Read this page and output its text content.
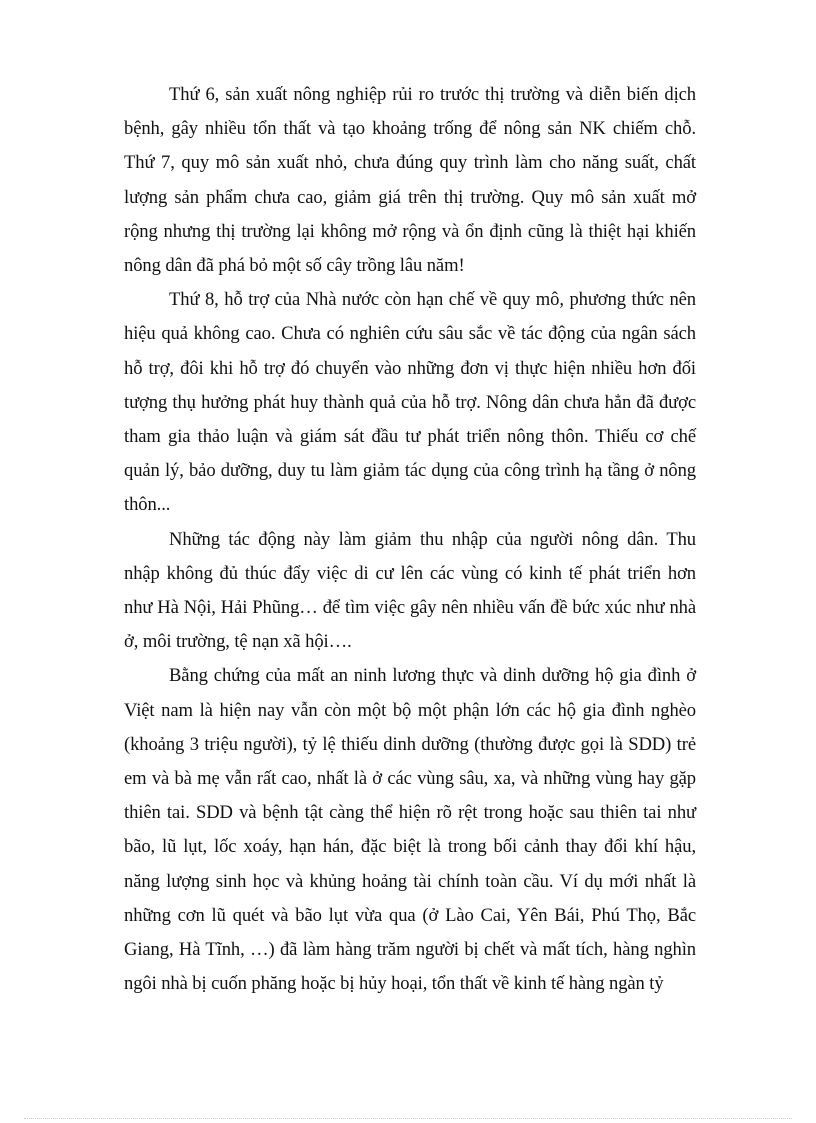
Thứ 6, sản xuất nông nghiệp rủi ro trước thị trường và diễn biến dịch
bệnh, gây nhiều tổn thất và tạo khoảng trống để nông sản NK chiếm chỗ.
Thứ 7, quy mô sản xuất nhỏ, chưa đúng quy trình làm cho năng suất, chất
lượng sản phẩm chưa cao, giảm giá trên thị trường. Quy mô sản xuất mở
rộng nhưng thị trường lại không mở rộng và ổn định cũng là thiệt hại khiến
nông dân đã phá bỏ một số cây trồng lâu năm!

Thứ 8, hỗ trợ của Nhà nước còn hạn chế về quy mô, phương thức nên
hiệu quả không cao. Chưa có nghiên cứu sâu sắc về tác động của ngân sách
hỗ trợ, đôi khi hỗ trợ đó chuyển vào những đơn vị thực hiện nhiều hơn đối
tượng thụ hưởng phát huy thành quả của hỗ trợ. Nông dân chưa hẳn đã được
tham gia thảo luận và giám sát đầu tư phát triển nông thôn. Thiếu cơ chế
quản lý, bảo dưỡng, duy tu làm giảm tác dụng của công trình hạ tầng ở nông
thôn...

Những tác động này làm giảm thu nhập của người nông dân. Thu
nhập không đủ thúc đẩy việc di cư lên các vùng có kinh tế phát triển hơn
như Hà Nội, Hải Phũng… để tìm việc gây nên nhiều vấn đề bức xúc như nhà
ở, môi trường, tệ nạn xã hội….

Bằng chứng của mất an ninh lương thực và dinh dưỡng hộ gia đình ở
Việt nam là hiện nay vẫn còn một bộ một phận lớn các hộ gia đình nghèo
(khoảng 3 triệu người), tỷ lệ thiếu dinh dưỡng (thường được gọi là SDD) trẻ
em và bà mẹ vẫn rất cao, nhất là ở các vùng sâu, xa, và những vùng hay gặp
thiên tai. SDD và bệnh tật càng thể hiện rõ rệt trong hoặc sau thiên tai như
bão, lũ lụt, lốc xoáy, hạn hán, đặc biệt là trong bối cảnh thay đổi khí hậu,
năng lượng sinh học và khủng hoảng tài chính toàn cầu. Ví dụ mới nhất là
những cơn lũ quét và bão lụt vừa qua (ở Lào Cai, Yên Bái, Phú Thọ, Bắc
Giang, Hà Tĩnh, …) đã làm hàng trăm người bị chết và mất tích, hàng nghìn
ngôi nhà bị cuốn phăng hoặc bị hủy hoại, tổn thất về kinh tế hàng ngàn tỷ
